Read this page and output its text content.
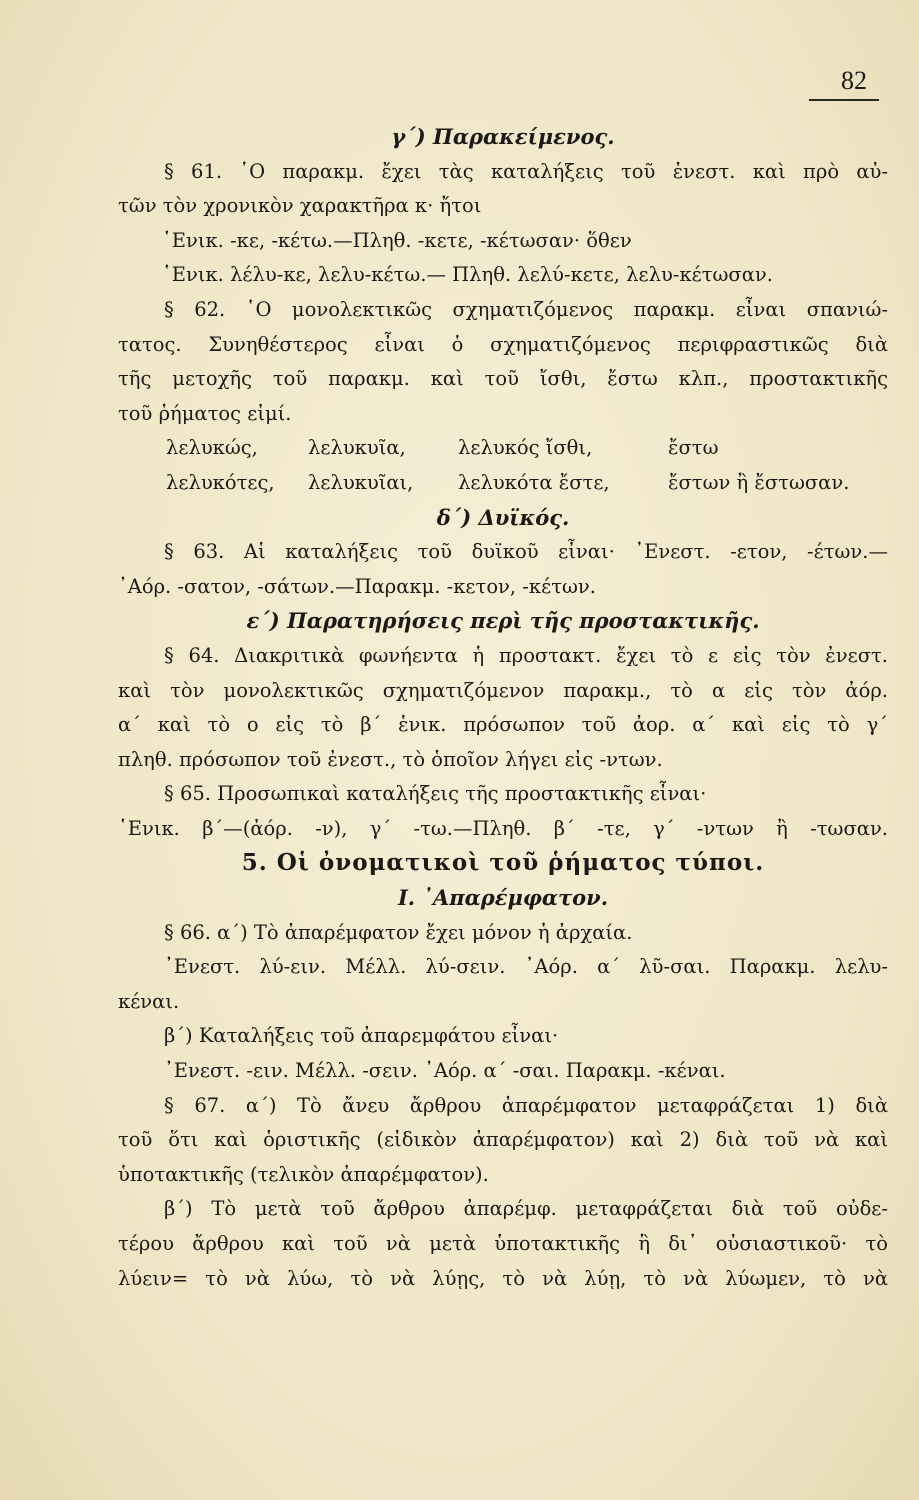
82
γ΄) Παρακείμενος.
§ 61. ῾Ο παρακμ. ἔχει τὰς καταλήξεις τοῦ ἐνεστ. καὶ πρὸ αὐ-
τῶν τὸν χρονικὸν χαρακτῆρα κ· ἤτοι
῾Ενικ. -κε, -κέτω.—Πληθ. -κετε, -κέτωσαν· ὅθεν
῾Ενικ. λέλυ-κε, λελυ-κέτω.— Πληθ. λελύ-κετε, λελυ-κέτωσαν.
§ 62. ῾Ο μονολεκτικῶς σχηματιζόμενος παρακμ. εἶναι σπανιώ-
τατος. Συνηθέστερος εἶναι ὁ σχηματιζόμενος περιφραστικῶς διὰ
τῆς μετοχῆς τοῦ παρακμ. καὶ τοῦ ἴσθι, ἔστω κλπ., προστακτικῆς
τοῦ ῥήματος εἰμί.
λελυκώς,	λελυκυῖα,	λελυκός ἴσθι,	ἔστω
λελυκότες,	λελυκυῖαι,	λελυκότα ἔστε,	ἔστων ἢ ἔστωσαν.
δ΄) Δυϊκός.
§ 63. Αἱ καταλήξεις τοῦ δυϊκοῦ εἶναι· ᾿Ενεστ. -ετον, -έτων.—
᾿Αόρ. -σατον, -σάτων.—Παρακμ. -κετον, -κέτων.
ε΄) Παρατηρήσεις περὶ τῆς προστακτικῆς.
§ 64. Διακριτικὰ φωνήεντα ἡ προστακτ. ἔχει τὸ ε εἰς τὸν ἐνεστ.
καὶ τὸν μονολεκτικῶς σχηματιζόμενον παρακμ., τὸ α εἰς τὸν ἀόρ.
α΄ καὶ τὸ ο εἰς τὸ β΄ ἑνικ. πρόσωπον τοῦ ἀορ. α΄ καὶ εἰς τὸ γ΄
πληθ. πρόσωπον τοῦ ἐνεστ., τὸ ὁποῖον λήγει εἰς -ντων.
§ 65. Προσωπικαὶ καταλήξεις τῆς προστακτικῆς εἶναι·
῾Ενικ. β΄—(ἀόρ. -ν), γ΄ -τω.—Πληθ. β΄ -τε, γ΄ -ντων ἢ -τωσαν.
5. Οἱ ὀνοματικοὶ τοῦ ῥήματος τύποι.
I. ᾿Απαρέμφατον.
§ 66. α΄) Τὸ ἀπαρέμφατον ἔχει μόνον ἡ ἀρχαία.
᾿Ενεστ. λύ-ειν. Μέλλ. λύ-σειν. ᾿Αόρ. α΄ λῦ-σαι. Παρακμ. λελυ-
κέναι.
β΄) Καταλήξεις τοῦ ἀπαρεμφάτου εἶναι·
᾿Ενεστ. -ειν. Μέλλ. -σειν. ᾿Αόρ. α΄ -σαι. Παρακμ. -κέναι.
§ 67. α΄) Τὸ ἄνευ ἄρθρου ἀπαρέμφατον μεταφράζεται 1) διὰ
τοῦ ὅτι καὶ ὁριστικῆς (εἰδικὸν ἀπαρέμφατον) καὶ 2) διὰ τοῦ νὰ καὶ
ὑποτακτικῆς (τελικὸν ἀπαρέμφατον).
β΄) Τὸ μετὰ τοῦ ἄρθρου ἀπαρέμφ. μεταφράζεται διὰ τοῦ οὐδε-
τέρου ἄρθρου καὶ τοῦ νὰ μετὰ ὑποτακτικῆς ἢ δι᾿ οὐσιαστικοῦ· τὸ
λύειν= τὸ νὰ λύω, τὸ νὰ λύῃς, τὸ νὰ λύῃ, τὸ νὰ λύωμεν, τὸ νὰ
